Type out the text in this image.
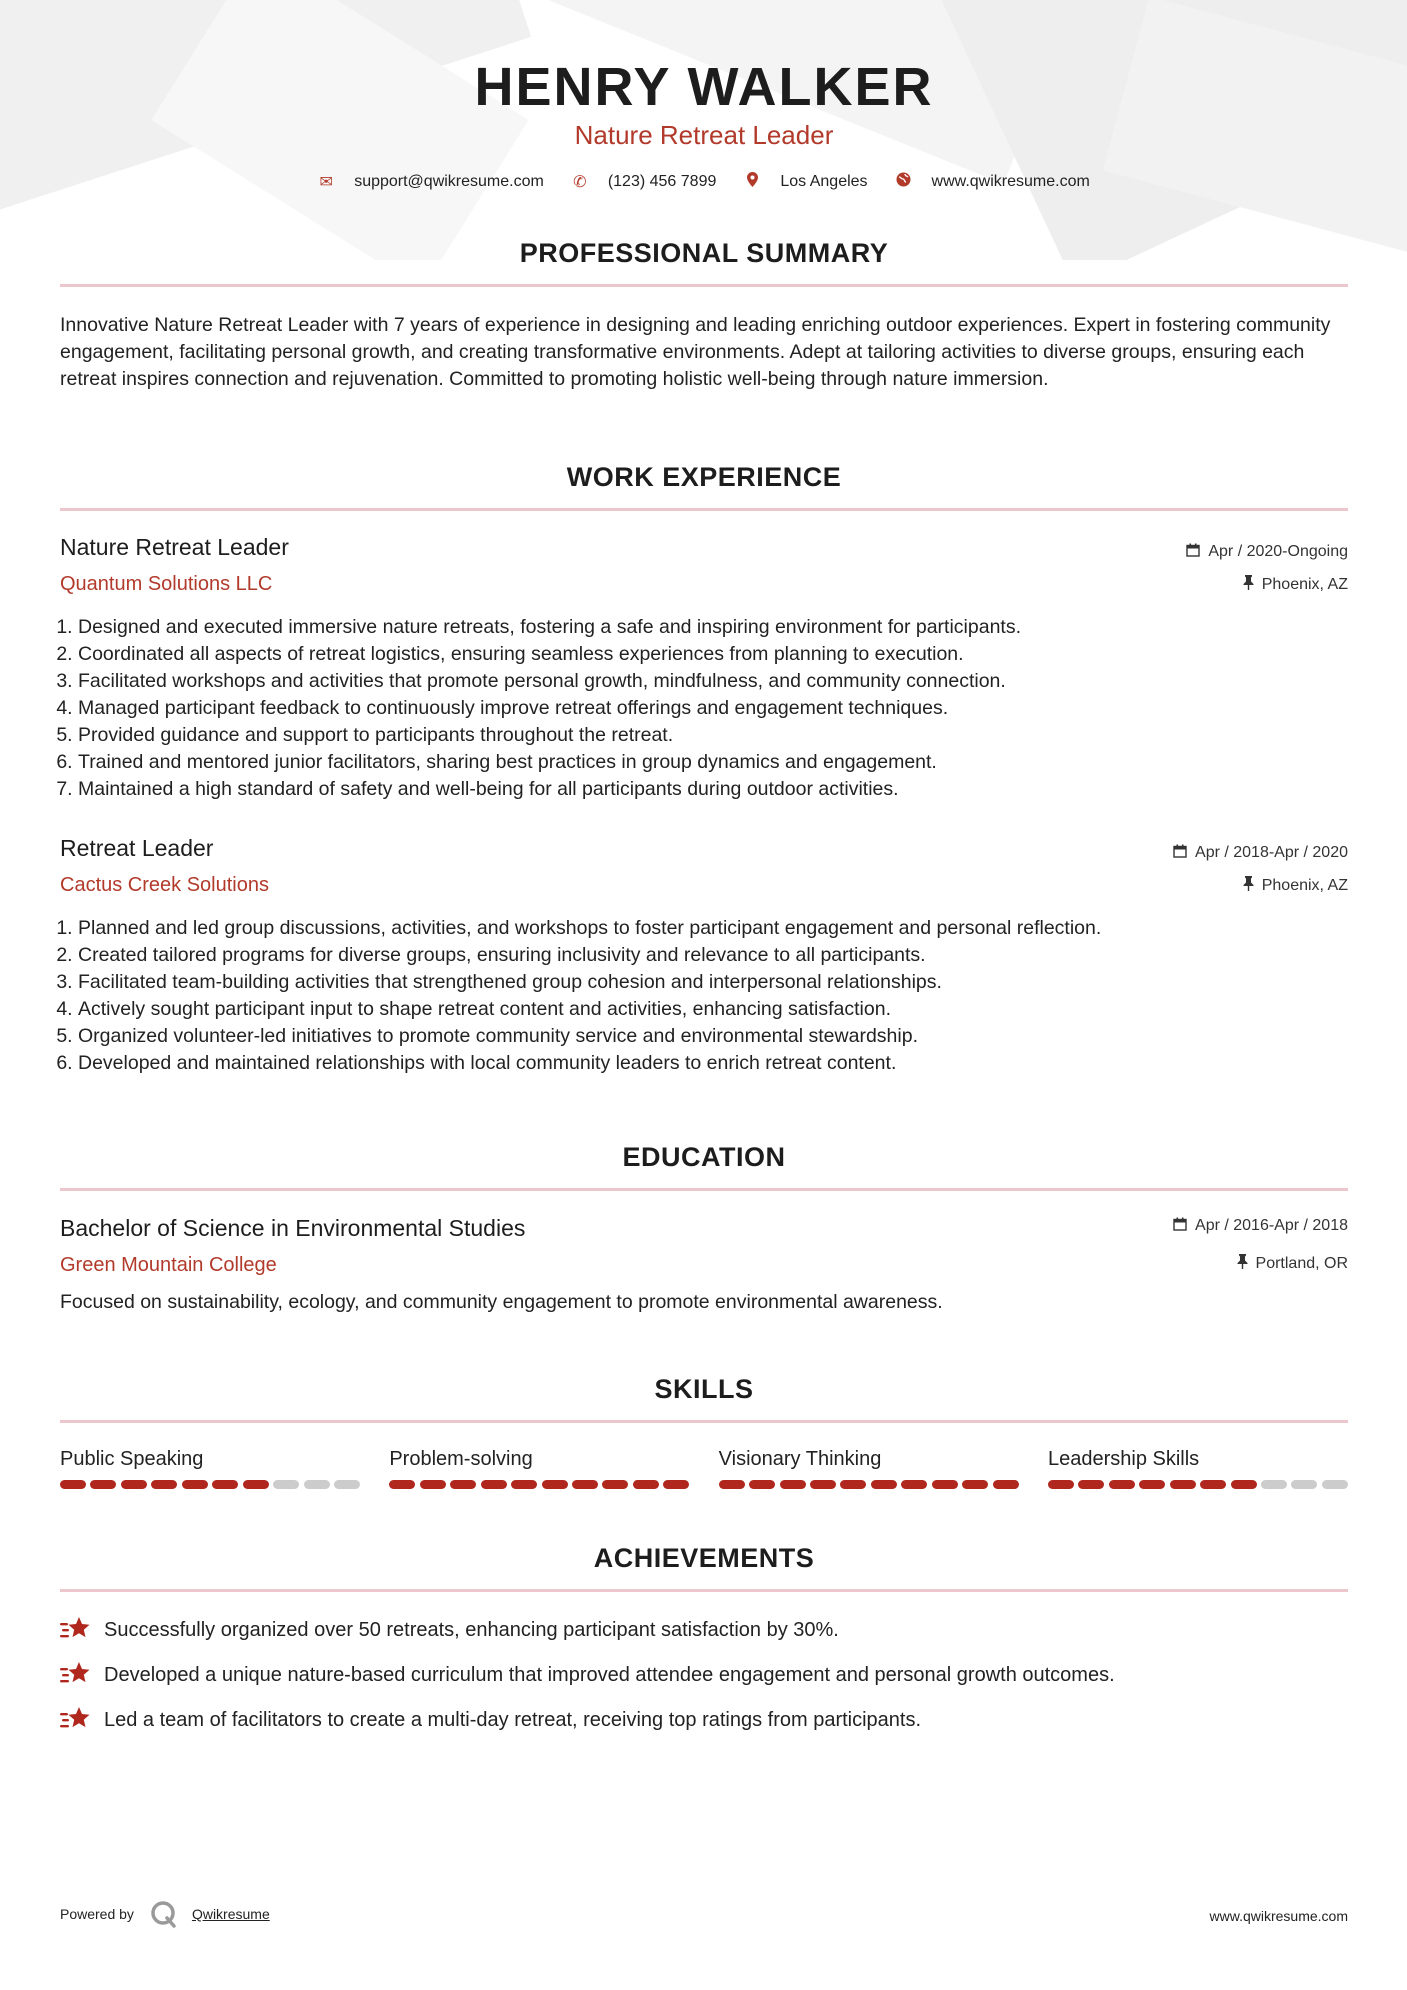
HENRY WALKER
Nature Retreat Leader
✉ support@qwikresume.com ✆ (123) 456 7899	Los Angeles	www.qwikresume.com
PROFESSIONAL SUMMARY
Innovative Nature Retreat Leader with 7 years of experience in designing and leading enriching outdoor experiences. Expert in fostering community engagement, facilitating personal growth, and creating transformative environments. Adept at tailoring activities to diverse groups, ensuring each retreat inspires connection and rejuvenation. Committed to promoting holistic well-being through nature immersion.
WORK EXPERIENCE
Nature Retreat Leader	Apr / 2020-Ongoing
Quantum Solutions LLC	Phoenix, AZ
1. Designed and executed immersive nature retreats, fostering a safe and inspiring environment for participants.
2. Coordinated all aspects of retreat logistics, ensuring seamless experiences from planning to execution.
3. Facilitated workshops and activities that promote personal growth, mindfulness, and community connection.
4. Managed participant feedback to continuously improve retreat offerings and engagement techniques.
5. Provided guidance and support to participants throughout the retreat.
6. Trained and mentored junior facilitators, sharing best practices in group dynamics and engagement.
7. Maintained a high standard of safety and well-being for all participants during outdoor activities.
Retreat Leader	Apr / 2018-Apr / 2020
Cactus Creek Solutions	Phoenix, AZ
1. Planned and led group discussions, activities, and workshops to foster participant engagement and personal reflection.
2. Created tailored programs for diverse groups, ensuring inclusivity and relevance to all participants.
3. Facilitated team-building activities that strengthened group cohesion and interpersonal relationships.
4. Actively sought participant input to shape retreat content and activities, enhancing satisfaction.
5. Organized volunteer-led initiatives to promote community service and environmental stewardship.
6. Developed and maintained relationships with local community leaders to enrich retreat content.
EDUCATION
Bachelor of Science in Environmental Studies	Apr / 2016-Apr / 2018
Green Mountain College	Portland, OR
Focused on sustainability, ecology, and community engagement to promote environmental awareness.
SKILLS
Public Speaking	Problem-solving	Visionary Thinking	Leadership Skills
ACHIEVEMENTS
Successfully organized over 50 retreats, enhancing participant satisfaction by 30%.
Developed a unique nature-based curriculum that improved attendee engagement and personal growth outcomes.
Led a team of facilitators to create a multi-day retreat, receiving top ratings from participants.
Powered by	Qwikresume	www.qwikresume.com
